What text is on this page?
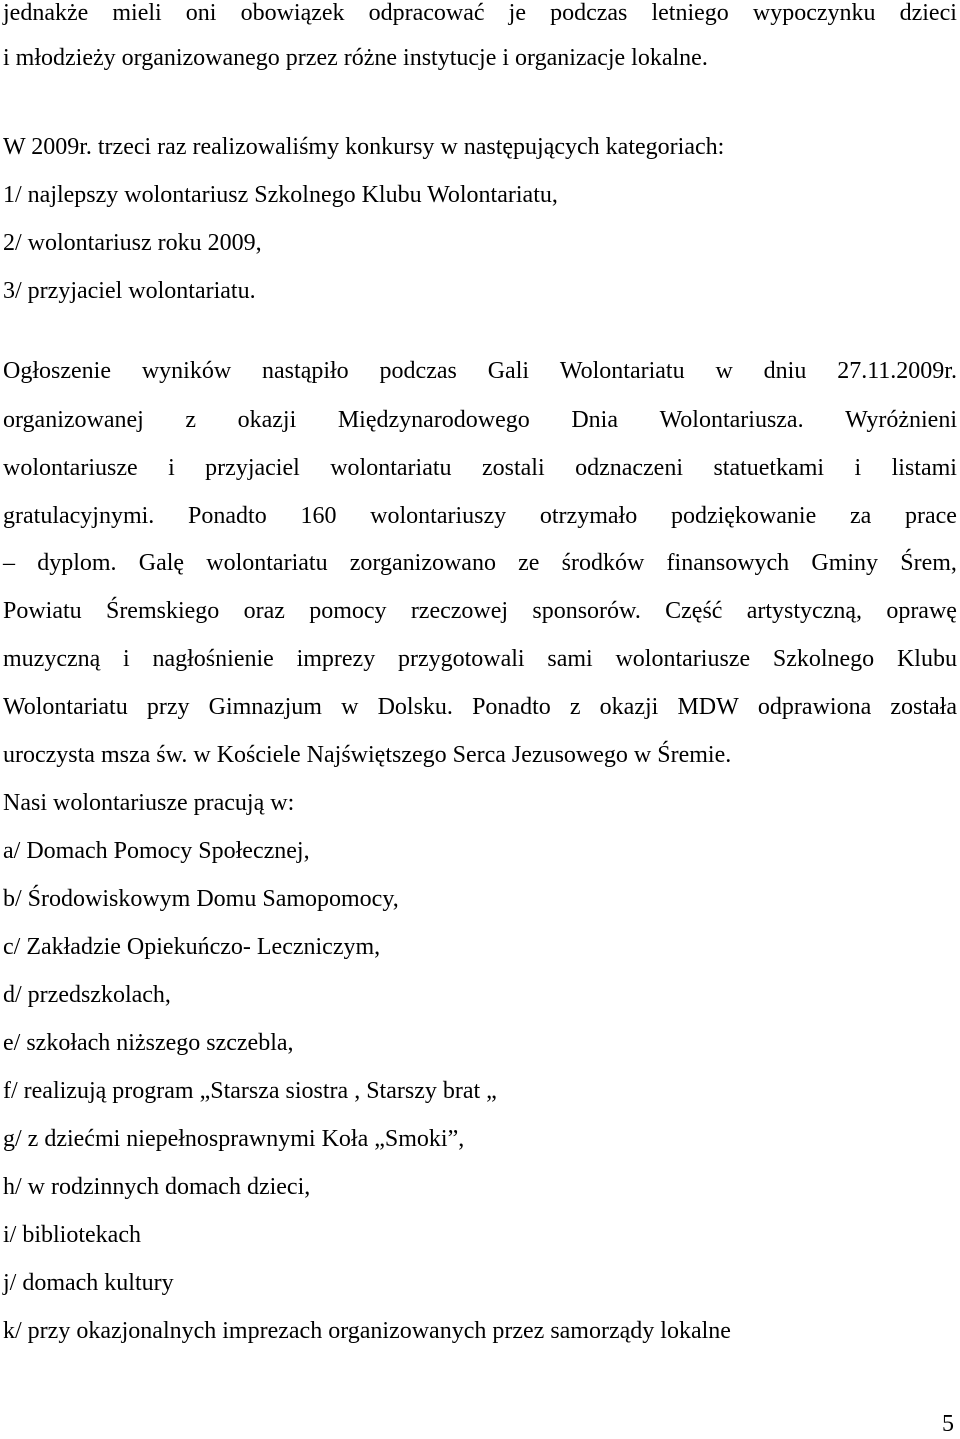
jednakże mieli oni obowiązek odpracować je podczas letniego wypoczynku dzieci
i młodzieży organizowanego przez różne instytucje i organizacje lokalne.
W 2009r. trzeci raz realizowaliśmy konkursy w następujących kategoriach:
1/ najlepszy wolontariusz Szkolnego Klubu Wolontariatu,
2/ wolontariusz roku 2009,
3/ przyjaciel wolontariatu.
Ogłoszenie wyników nastąpiło podczas Gali Wolontariatu w dniu 27.11.2009r.
organizowanej z okazji Międzynarodowego Dnia Wolontariusza. Wyróżnieni
wolontariusze i przyjaciel wolontariatu zostali odznaczeni statuetkami i listami
gratulacyjnymi. Ponadto 160 wolontariuszy otrzymało podziękowanie za prace
– dyplom. Galę wolontariatu zorganizowano ze środków finansowych Gminy Śrem,
Powiatu Śremskiego oraz pomocy rzeczowej sponsorów. Część artystyczną, oprawę
muzyczną i nagłośnienie imprezy przygotowali sami wolontariusze Szkolnego Klubu
Wolontariatu przy Gimnazjum w Dolsku. Ponadto z okazji MDW odprawiona została
uroczysta msza św. w Kościele Najświętszego Serca Jezusowego w Śremie.
Nasi wolontariusze pracują w:
a/ Domach Pomocy Społecznej,
b/ Środowiskowym Domu Samopomocy,
c/ Zakładzie Opiekuńczo- Leczniczym,
d/ przedszkolach,
e/ szkołach niższego szczebla,
f/ realizują program „Starsza siostra , Starszy brat „
g/ z dziećmi niepełnosprawnymi Koła „Smoki”,
h/ w rodzinnych domach dzieci,
i/ bibliotekach
j/ domach kultury
k/ przy okazjonalnych imprezach organizowanych przez samorządy lokalne
5
